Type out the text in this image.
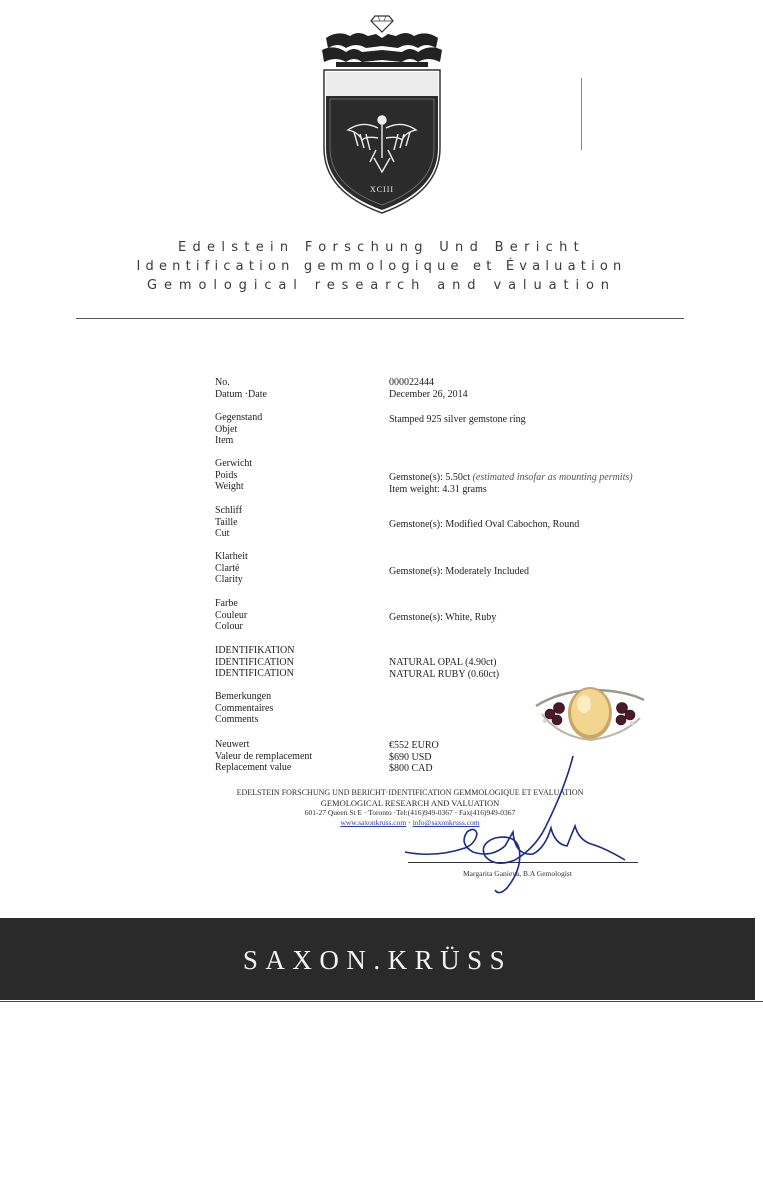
XCIII
Edelstein Forschung Und Bericht
Identification gemmologique et Évaluation
Gemological research and valuation
No.
Datum ·Date
000022444
December 26, 2014
Gegenstand
Objet
Item
Stamped 925 silver gemstone ring
Gerwicht
Poids
Weight
Gemstone(s): 5.50ct (estimated insofar as mounting permits)
Item weight: 4.31 grams
Schliff
Taille
Cut
Gemstone(s): Modified Oval Cabochon, Round
Klarheit
Clarté
Clarity
Gemstone(s): Moderately Included
Farbe
Couleur
Colour
Gemstone(s): White, Ruby
IDENTIFIKATION
IDENTIFICATION
IDENTIFICATION
NATURAL OPAL (4.90ct)
NATURAL RUBY (0.60ct)
Bemerkungen
Commentaires
Comments
Neuwert
Valeur de remplacement
Replacement value
€552 EURO
$690 USD
$800 CAD
EDELSTEIN FORSCHUNG UND BERICHT·IDENTIFICATION GEMMOLOGIQUE ET EVALUATION
GEMOLOGICAL RESEARCH AND VALUATION
601-27 Queen St E · Toronto ·Tel:(416)949-0367 · Fax(416)949-0367
www.saxonkruss.com · info@saxonkruss.com
Margarita Ganieva, B.A Gemologist
SAXON.KRÜSS
